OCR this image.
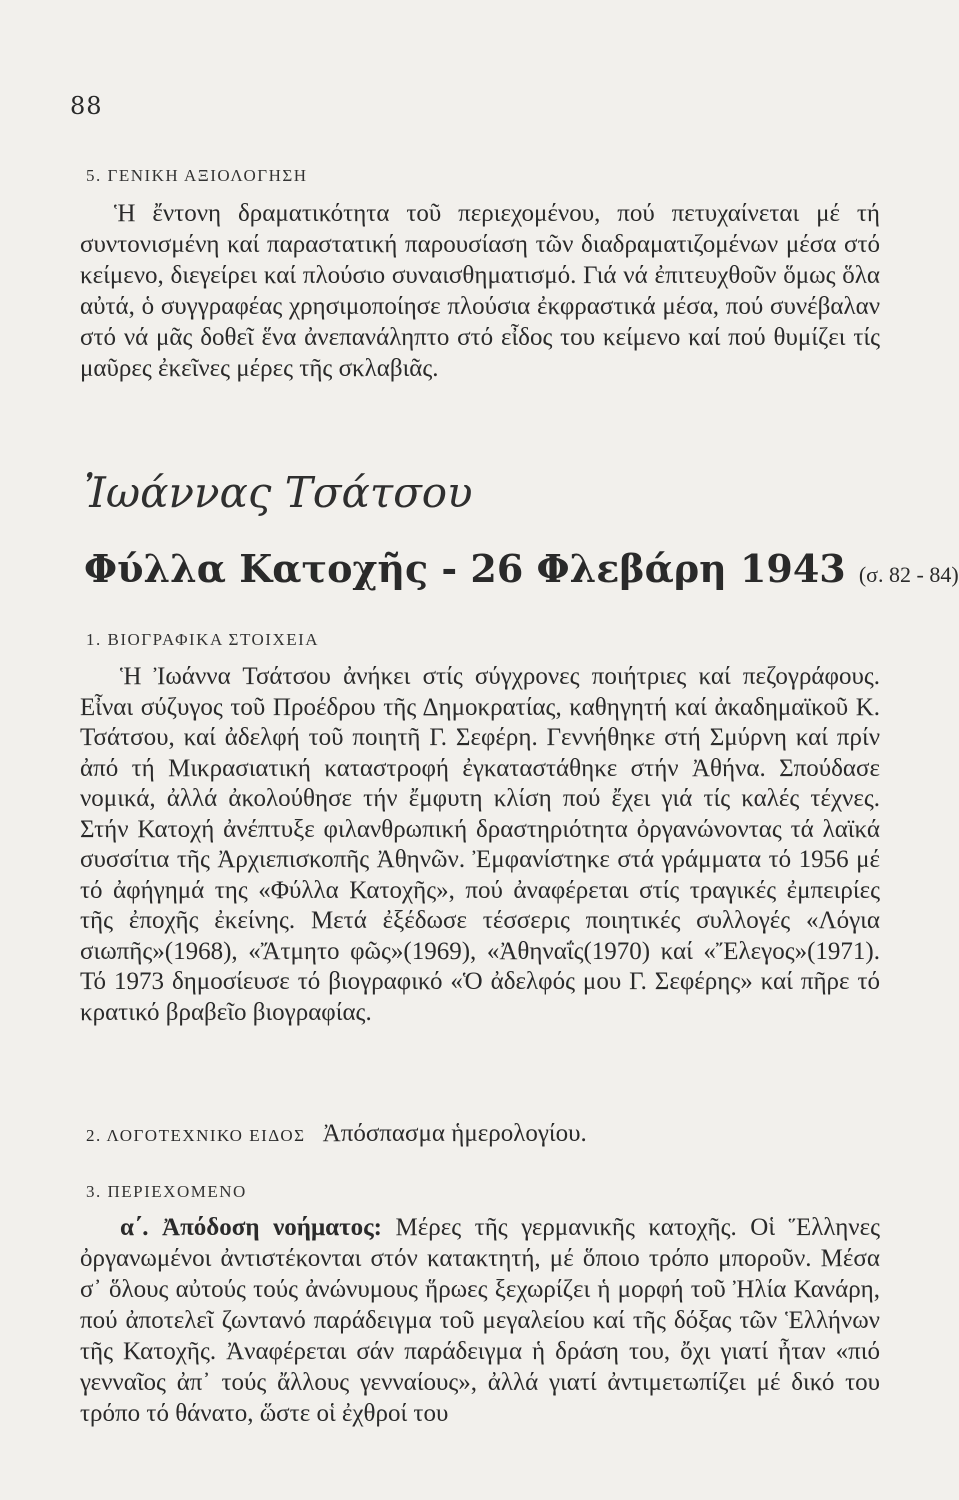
88
5. ΓΕΝΙΚΗ ΑΞΙΟΛΟΓΗΣΗ

Ἡ ἔντονη δραματικότητα τοῦ περιεχομένου, πού πετυχαίνεται μέ τή συντονισμένη καί παραστατική παρουσίαση τῶν διαδραματιζομένων μέσα στό κείμενο, διεγείρει καί πλούσιο συναισθηματισμό. Γιά νά ἐπιτευχθοῦν ὅμως ὅλα αὐτά, ὁ συγγραφέας χρησιμοποίησε πλούσια ἐκφραστικά μέσα, πού συνέβαλαν στό νά μᾶς δοθεῖ ἕνα ἀνεπανάληπτο στό εἶδος του κείμενο καί πού θυμίζει τίς μαῦρες ἐκεῖνες μέρες τῆς σκλαβιᾶς.

Ἰωάννας Τσάτσου
Φύλλα Κατοχῆς - 26 Φλεβάρη 1943 (σ. 82 - 84)
1. ΒΙΟΓΡΑΦΙΚΑ ΣΤΟΙΧΕΙΑ

Ἡ Ἰωάννα Τσάτσου ἀνήκει στίς σύγχρονες ποιήτριες καί πεζογράφους. Εἶναι σύζυγος τοῦ Προέδρου τῆς Δημοκρατίας, καθηγητή καί ἀκαδημαϊκοῦ Κ. Τσάτσου, καί ἀδελφή τοῦ ποιητῆ Γ. Σεφέρη. Γεννήθηκε στή Σμύρνη καί πρίν ἀπό τή Μικρασιατική καταστροφή ἐγκαταστάθηκε στήν Ἀθήνα. Σπούδασε νομικά, ἀλλά ἀκολούθησε τήν ἔμφυτη κλίση πού ἔχει γιά τίς καλές τέχνες. Στήν Κατοχή ἀνέπτυξε φιλανθρωπική δραστηριότητα ὀργανώνοντας τά λαϊκά συσσίτια τῆς Ἀρχιεπισκοπῆς Ἀθηνῶν. Ἐμφανίστηκε στά γράμματα τό 1956 μέ τό ἀφήγημά της «Φύλλα Κατοχῆς», πού ἀναφέρεται στίς τραγικές ἐμπειρίες τῆς ἐποχῆς ἐκείνης. Μετά ἐξέδωσε τέσσερις ποιητικές συλλογές «Λόγια σιωπῆς»(1968), «Ἄτμητο φῶς»(1969), «Ἀθηναΐς(1970) καί «Ἔλεγος»(1971). Τό 1973 δημοσίευσε τό βιογραφικό «Ὁ ἀδελφός μου Γ. Σεφέρης» καί πῆρε τό κρατικό βραβεῖο βιογραφίας.

2. ΛΟΓΟΤΕΧΝΙΚΟ ΕΙΔΟΣ Ἀπόσπασμα ἡμερολογίου.
3. ΠΕΡΙΕΧΟΜΕΝΟ

α΄. Ἀπόδοση νοήματος: Μέρες τῆς γερμανικῆς κατοχῆς. Οἱ Ἕλληνες ὀργανωμένοι ἀντιστέκονται στόν κατακτητή, μέ ὅποιο τρόπο μποροῦν. Μέσα σ᾽ ὅλους αὐτούς τούς ἀνώνυμους ἥρωες ξεχωρίζει ἡ μορφή τοῦ Ἠλία Κανάρη, πού ἀποτελεῖ ζωντανό παράδειγμα τοῦ μεγαλείου καί τῆς δόξας τῶν Ἑλλήνων τῆς Κατοχῆς. Ἀναφέρεται σάν παράδειγμα ἡ δράση του, ὄχι γιατί ἦταν «πιό γενναῖος ἀπ᾽ τούς ἄλλους γενναίους», ἀλλά γιατί ἀντιμετωπίζει μέ δικό του τρόπο τό θάνατο, ὥστε οἱ ἐχθροί του
